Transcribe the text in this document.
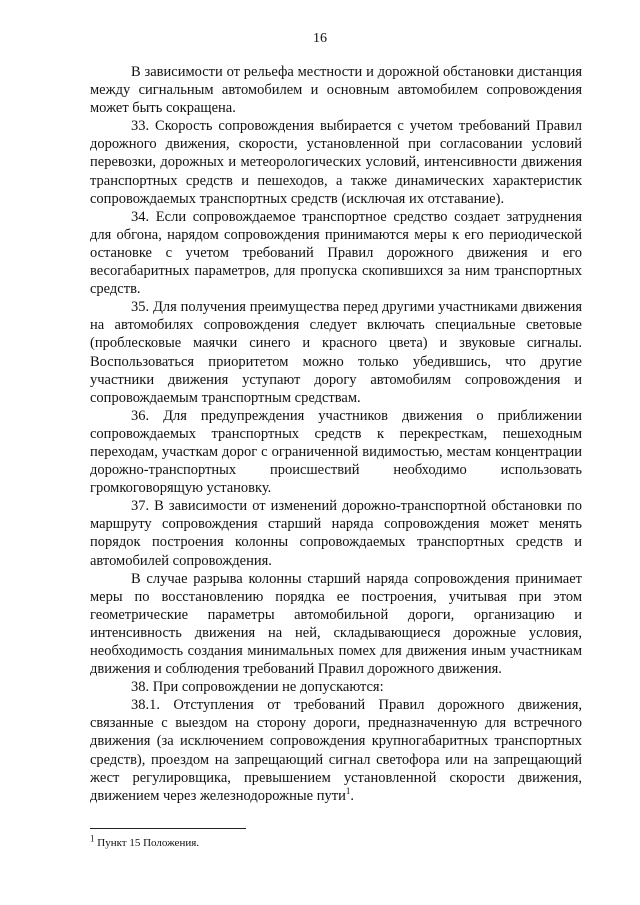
16

В зависимости от рельефа местности и дорожной обстановки дистанция между сигнальным автомобилем и основным автомобилем сопровождения может быть сокращена.

33. Скорость сопровождения выбирается с учетом требований Правил дорожного движения, скорости, установленной при согласовании условий перевозки, дорожных и метеорологических условий, интенсивности движения транспортных средств и пешеходов, а также динамических характеристик сопровождаемых транспортных средств (исключая их отставание).

34. Если сопровождаемое транспортное средство создает затруднения для обгона, нарядом сопровождения принимаются меры к его периодической остановке с учетом требований Правил дорожного движения и его весогабаритных параметров, для пропуска скопившихся за ним транспортных средств.

35. Для получения преимущества перед другими участниками движения на автомобилях сопровождения следует включать специальные световые (проблесковые маячки синего и красного цвета) и звуковые сигналы. Воспользоваться приоритетом можно только убедившись, что другие участники движения уступают дорогу автомобилям сопровождения и сопровождаемым транспортным средствам.

36. Для предупреждения участников движения о приближении сопровождаемых транспортных средств к перекресткам, пешеходным переходам, участкам дорог с ограниченной видимостью, местам концентрации дорожно-транспортных происшествий необходимо использовать громкоговорящую установку.

37. В зависимости от изменений дорожно-транспортной обстановки по маршруту сопровождения старший наряда сопровождения может менять порядок построения колонны сопровождаемых транспортных средств и автомобилей сопровождения.

В случае разрыва колонны старший наряда сопровождения принимает меры по восстановлению порядка ее построения, учитывая при этом геометрические параметры автомобильной дороги, организацию и интенсивность движения на ней, складывающиеся дорожные условия, необходимость создания минимальных помех для движения иным участникам движения и соблюдения требований Правил дорожного движения.

38. При сопровождении не допускаются:

38.1. Отступления от требований Правил дорожного движения, связанные с выездом на сторону дороги, предназначенную для встречного движения (за исключением сопровождения крупногабаритных транспортных средств), проездом на запрещающий сигнал светофора или на запрещающий жест регулировщика, превышением установленной скорости движения, движением через железнодорожные пути$^1$.

$^1$ Пункт 15 Положения.
